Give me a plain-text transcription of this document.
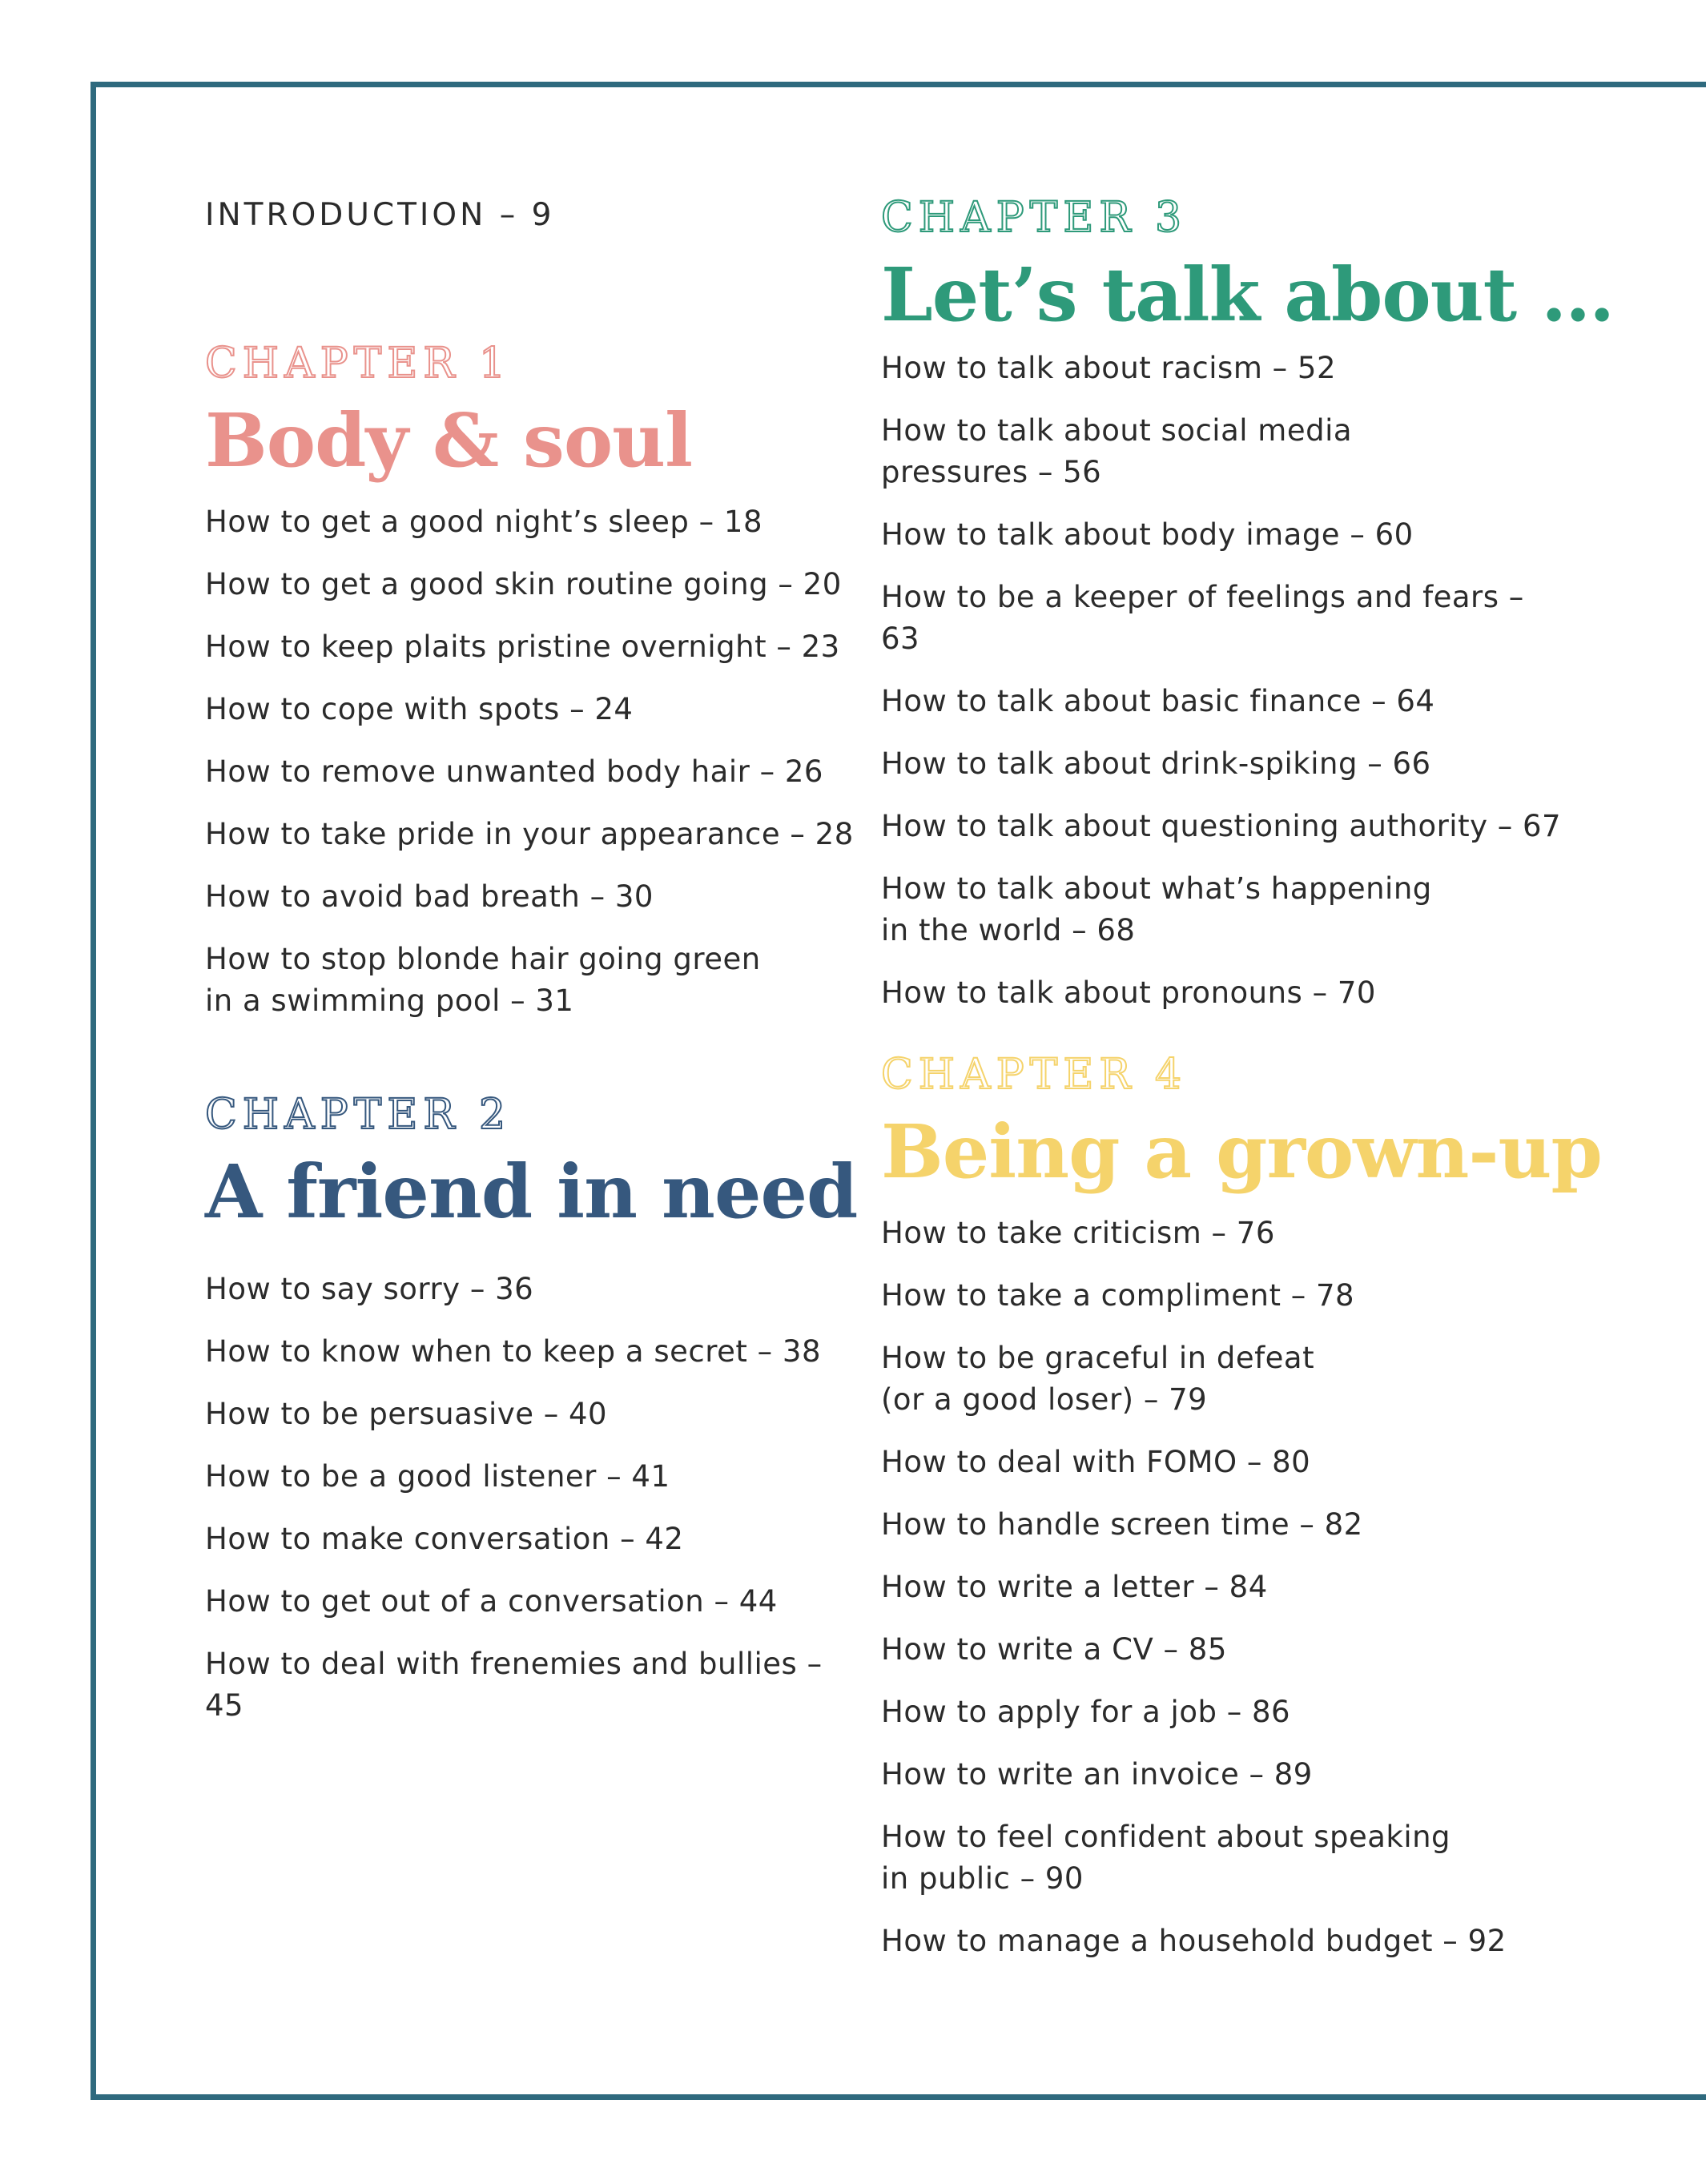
INTRODUCTION – 9
CHAPTER 1
Body & soul
How to get a good night’s sleep – 18
How to get a good skin routine going – 20
How to keep plaits pristine overnight – 23
How to cope with spots – 24
How to remove unwanted body hair – 26
How to take pride in your appearance – 28
How to avoid bad breath – 30
How to stop blonde hair going green
in a swimming pool – 31
CHAPTER 2
A friend in need
How to say sorry – 36
How to know when to keep a secret – 38
How to be persuasive – 40
How to be a good listener – 41
How to make conversation – 42
How to get out of a conversation – 44
How to deal with frenemies and bullies – 45
CHAPTER 3
Let’s talk about …
How to talk about racism – 52
How to talk about social media
pressures – 56
How to talk about body image – 60
How to be a keeper of feelings and fears – 63
How to talk about basic finance – 64
How to talk about drink-spiking – 66
How to talk about questioning authority – 67
How to talk about what’s happening
in the world – 68
How to talk about pronouns – 70
CHAPTER 4
Being a grown-up
How to take criticism – 76
How to take a compliment – 78
How to be graceful in defeat
(or a good loser) – 79
How to deal with FOMO – 80
How to handle screen time – 82
How to write a letter – 84
How to write a CV – 85
How to apply for a job – 86
How to write an invoice – 89
How to feel confident about speaking
in public – 90
How to manage a household budget – 92
